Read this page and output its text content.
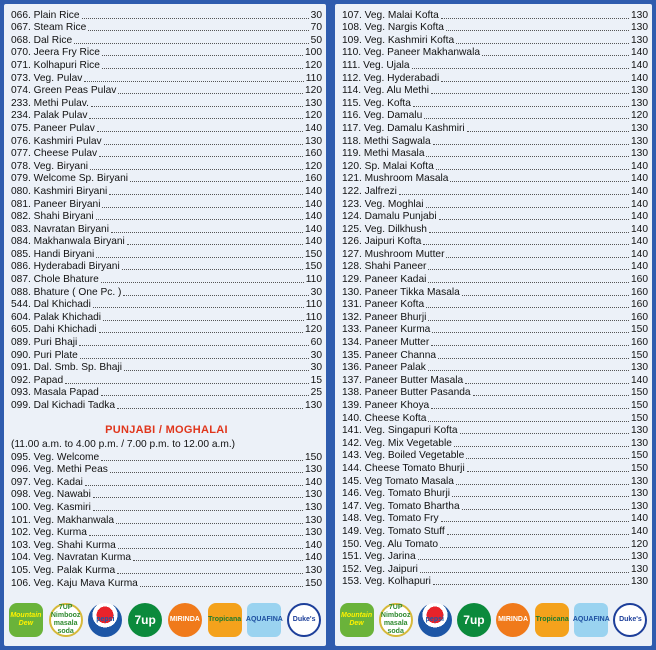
066. Plain Rice	30
067. Steam Rice	70
068. Dal Rice	50
070. Jeera Fry Rice	100
071. Kolhapuri Rice	120
073. Veg. Pulav	110
074. Green Peas Pulav	120
233. Methi Pulav.	130
234. Palak Pulav	120
075. Paneer Pulav	140
076. Kashmiri Pulav	130
077. Cheese Pulav	160
078. Veg. Biryani	120
079. Welcome Sp. Biryani	160
080. Kashmiri Biryani	140
081. Paneer Biryani	140
082. Shahi Biryani	140
083. Navratan Biryani	140
084. Makhanwala Biryani	140
085. Handi Biryani	150
086. Hyderabadi Biryani	150
087. Chole Bhature	110
088. Bhature ( One Pc. )	30
544. Dal Khichadi	110
604. Palak Khichadi	110
605. Dahi Khichadi	120
089. Puri Bhaji	60
090. Puri Plate	30
091. Dal. Smb. Sp. Bhaji	30
092. Papad	15
093. Masala Papad	25
099. Dal Kichadi Tadka	130
PUNJABI / MOGHALAI
(11.00 a.m. to 4.00 p.m. / 7.00 p.m. to 12.00 a.m.)
095. Veg. Welcome	150
096. Veg. Methi Peas	130
097. Veg. Kadai	140
098. Veg. Nawabi	130
100. Veg. Kasmiri	130
101. Veg. Makhanwala	130
102. Veg. Kurma	130
103. Veg. Shahi Kurma	140
104. Veg. Navratan Kurma	140
105. Veg. Palak Kurma	130
106. Veg. Kaju Mava Kurma	150
Mountain Dew
7UP Nimbooz masala soda
pepsi	7up	MIRINDA Tropicana AQUAFINA	Duke's
107. Veg. Malai Kofta	130
108. Veg. Nargis Kofta	130
109. Veg. Kashmiri Kofta	130
110. Veg. Paneer Makhanwala	140
111. Veg. Ujala	140
112. Veg. Hyderabadi	140
114. Veg. Alu Methi	130
115. Veg. Kofta	130
116. Veg. Damalu	120
117. Veg. Damalu Kashmiri	130
118. Methi Sagwala	130
119. Methi Masala	130
120. Sp. Malai Kofta	140
121. Mushroom Masala	140
122. Jalfrezi	140
123. Veg. Moghlai	140
124. Damalu Punjabi	140
125. Veg. Dilkhush	140
126. Jaipuri Kofta	140
127. Mushroom Mutter	140
128. Shahi Paneer	140
129. Paneer Kadai	160
130. Paneer Tikka Masala	160
131. Paneer Kofta	160
132. Paneer Bhurji	160
133. Paneer Kurma	150
134. Paneer Mutter	160
135. Paneer Channa	150
136. Paneer Palak	130
137. Paneer Butter Masala	140
138. Paneer Butter Pasanda	150
139. Paneer Khoya	150
140. Cheese Kofta	150
141. Veg. Singapuri Kofta	130
142. Veg. Mix Vegetable	130
143. Veg. Boiled Vegetable	150
144. Cheese Tomato Bhurji	150
145. Veg Tomato Masala	130
146. Veg. Tomato Bhurji	130
147. Veg. Tomato Bhartha	130
148. Veg. Tomato Fry	140
149. Veg. Tomato Stuff	140
150. Veg. Alu Tomato	120
151. Veg. Jarina	130
152. Veg. Jaipuri	130
153. Veg. Kolhapuri	130
Mountain Dew
7UP Nimbooz masala soda
pepsi	7up	MIRINDA Tropicana AQUAFINA	Duke's
